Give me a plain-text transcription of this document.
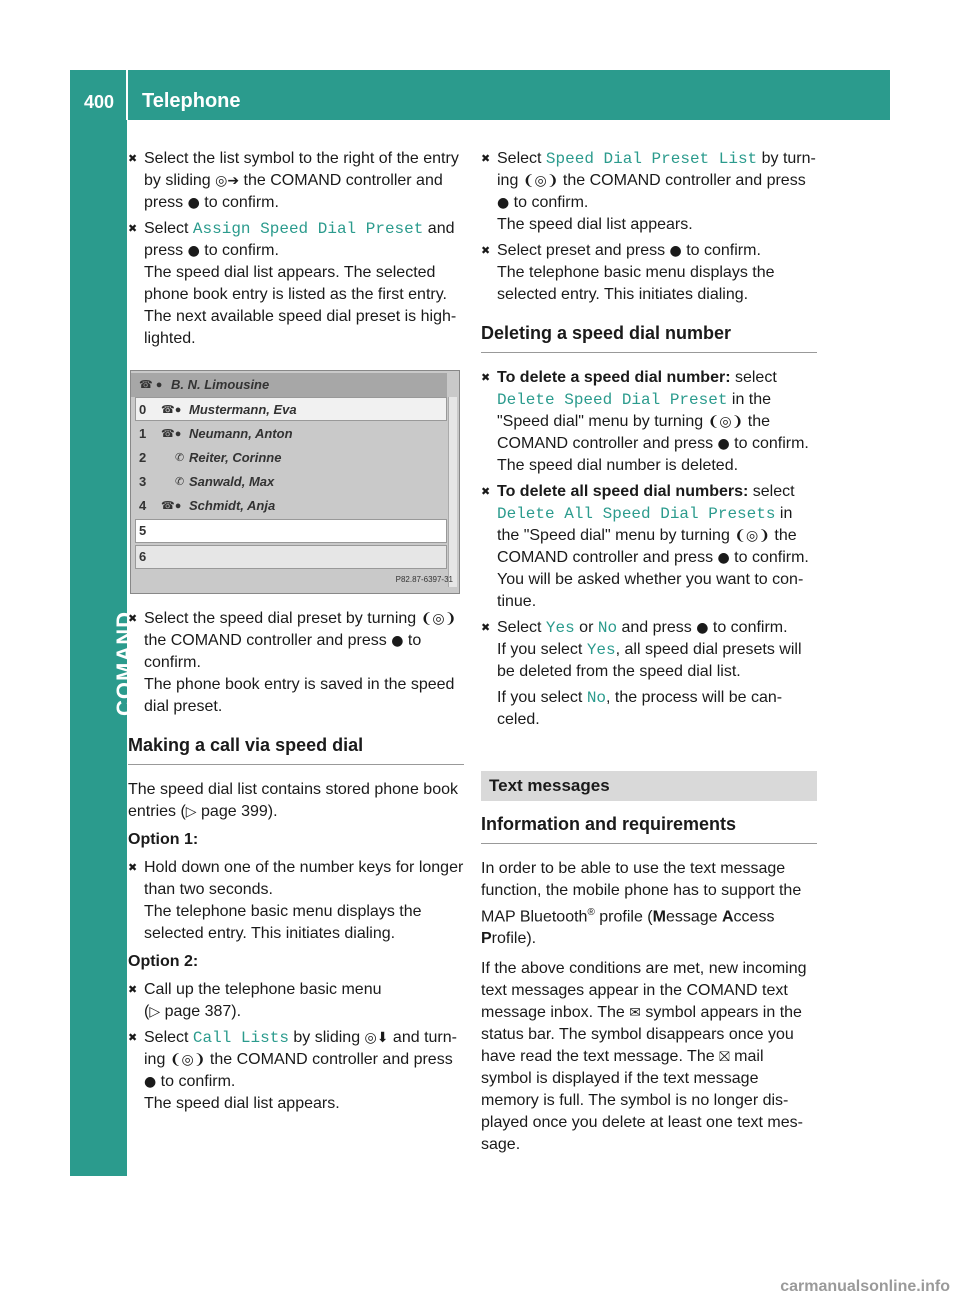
400 Telephone
COMAND
✖ Select the list symbol to the right of the entry by sliding ◎➔ the COMAND controller and press ● to confirm.
✖ Select Assign Speed Dial Preset and press ● to confirm.

The speed dial list appears. The selected phone book entry is listed as the first entry. The next available speed dial preset is highlighted.

☎ ● B. N. Limousine
0 ☎● Mustermann, Eva
1 ☎● Neumann, Anton
2	✆ Reiter, Corinne
3	✆ Sanwald, Max
4 ☎● Schmidt, Anja
5
6
P82.87-6397-31
✖ Select the speed dial preset by turning ❨◎❩ the COMAND controller and press ● to confirm.

The phone book entry is saved in the speed dial preset.

Making a call via speed dial

The speed dial list contains stored phone book entries (▷ page 399).

Option 1:
✖ Hold down one of the number keys for longer than two seconds.

The telephone basic menu displays the selected entry. This initiates dialing.

Option 2:
✖ Call up the telephone basic menu
(▷ page 387).
✖ Select Call Lists by sliding ◎⬇ and turning ❨◎❩ the COMAND controller and press ● to confirm.

The speed dial list appears.

✖ Select Speed Dial Preset List by turning ❨◎❩ the COMAND controller and press ● to confirm.

The speed dial list appears.

✖ Select preset and press ● to confirm.

The telephone basic menu displays the selected entry. This initiates dialing.

Deleting a speed dial number
✖ To delete a speed dial number: select Delete Speed Dial Preset in the "Speed dial" menu by turning ❨◎❩ the COMAND controller and press ● to confirm.

The speed dial number is deleted.

✖ To delete all speed dial numbers: select Delete All Speed Dial Presets in the "Speed dial" menu by turning ❨◎❩ the COMAND controller and press ● to confirm.

You will be asked whether you want to continue.

✖ Select Yes or No and press ● to confirm.

If you select Yes, all speed dial presets will be deleted from the speed dial list.

If you select No, the process will be canceled.

Text messages
Information and requirements

In order to be able to use the text message function, the mobile phone has to support the MAP Bluetooth® profile (Message Access Profile).

If the above conditions are met, new incoming text messages appear in the COMAND text message inbox. The ✉ symbol appears in the status bar. The symbol disappears once you have read the text message. The ⛝ mail symbol is displayed if the text message memory is full. The symbol is no longer displayed once you delete at least one text message.

carmanualsonline.info
